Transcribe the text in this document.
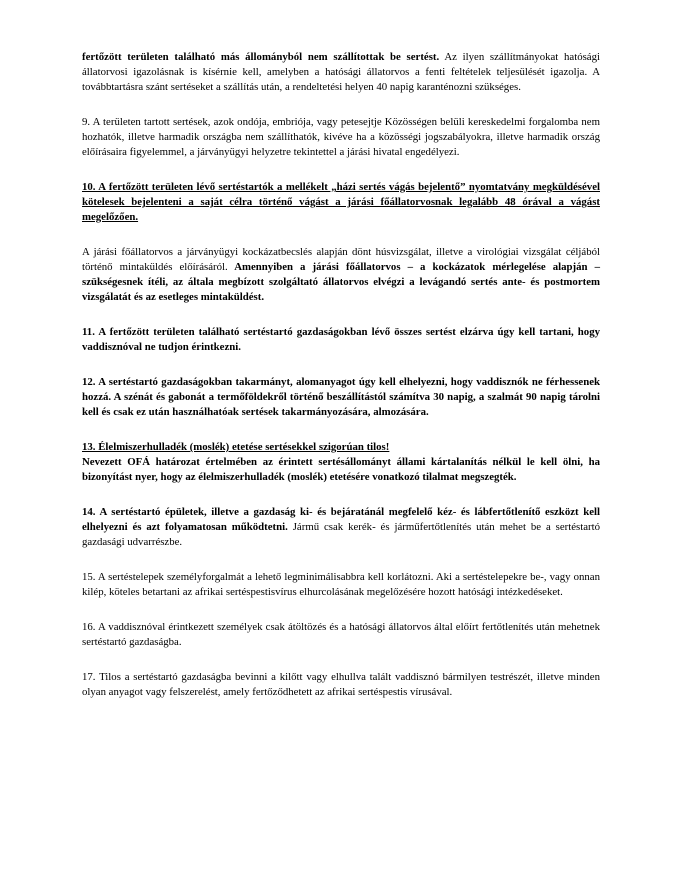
fertőzött területen található más állományból nem szállítottak be sertést. Az ilyen szállítmányokat hatósági állatorvosi igazolásnak is kísérnie kell, amelyben a hatósági állatorvos a fenti feltételek teljesülését igazolja. A továbbtartásra szánt sertéseket a szállítás után, a rendeltetési helyen 40 napig karanténozni szükséges.

9. A területen tartott sertések, azok ondója, embriója, vagy petesejtje Közösségen belüli kereskedelmi forgalomba nem hozhatók, illetve harmadik országba nem szállíthatók, kivéve ha a közösségi jogszabályokra, illetve harmadik ország előírásaira figyelemmel, a járványügyi helyzetre tekintettel a járási hivatal engedélyezi.

10. A fertőzött területen lévő sertéstartók a mellékelt „házi sertés vágás bejelentő” nyomtatvány megküldésével kötelesek bejelenteni a saját célra történő vágást a járási főállatorvosnak legalább 48 órával a vágást megelőzően.

A járási főállatorvos a járványügyi kockázatbecslés alapján dönt húsvizsgálat, illetve a virológiai vizsgálat céljából történő mintaküldés előírásáról. Amennyiben a járási főállatorvos – a kockázatok mérlegelése alapján – szükségesnek ítéli, az általa megbízott szolgáltató állatorvos elvégzi a levágandó sertés ante- és postmortem vizsgálatát és az esetleges mintaküldést.

11. A fertőzött területen található sertéstartó gazdaságokban lévő összes sertést elzárva úgy kell tartani, hogy vaddisznóval ne tudjon érintkezni.

12. A sertéstartó gazdaságokban takarmányt, alomanyagot úgy kell elhelyezni, hogy vaddisznók ne férhessenek hozzá. A szénát és gabonát a termőföldekről történő beszállítástól számítva 30 napig, a szalmát 90 napig tárolni kell és csak ez után használhatóak sertések takarmányozására, almozására.

13. Élelmiszerhulladék (moslék) etetése sertésekkel szigorúan tilos!

Nevezett OFÁ határozat értelmében az érintett sertésállományt állami kártalanítás nélkül le kell ölni, ha bizonyítást nyer, hogy az élelmiszerhulladék (moslék) etetésére vonatkozó tilalmat megszegték.

14. A sertéstartó épületek, illetve a gazdaság ki- és bejáratánál megfelelő kéz- és lábfertőtlenítő eszközt kell elhelyezni és azt folyamatosan működtetni. Jármű csak kerék- és járműfertőtlenítés után mehet be a sertéstartó gazdasági udvarrészbe.

15. A sertéstelepek személyforgalmát a lehető legminimálisabbra kell korlátozni. Aki a sertéstelepekre be-, vagy onnan kilép, köteles betartani az afrikai sertéspestisvírus elhurcolásának megelőzésére hozott hatósági intézkedéseket.

16. A vaddisznóval érintkezett személyek csak átöltözés és a hatósági állatorvos által előírt fertőtlenítés után mehetnek sertéstartó gazdaságba.

17. Tilos a sertéstartó gazdaságba bevinni a kilőtt vagy elhullva talált vaddisznó bármilyen testrészét, illetve minden olyan anyagot vagy felszerelést, amely fertőződhetett az afrikai sertéspestis vírusával.
